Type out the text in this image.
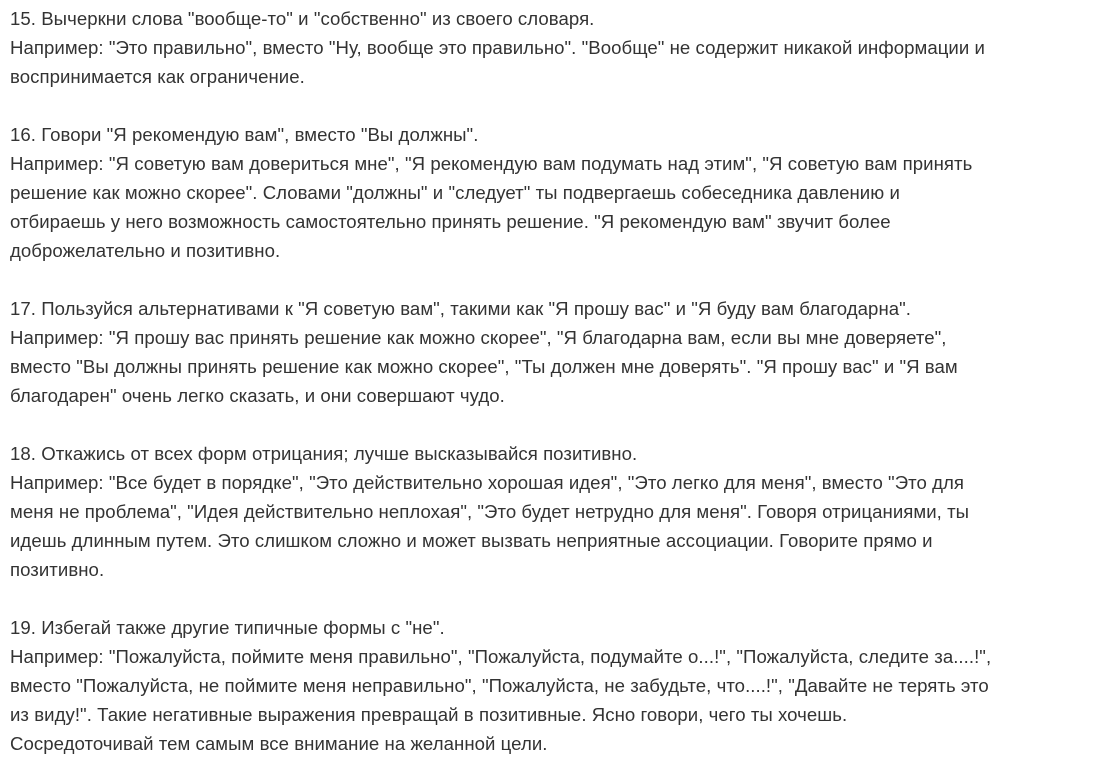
15. Вычеркни слова "вообще-то" и "собственно" из своего словаря.
Например: "Это правильно", вместо "Ну, вообще это правильно". "Вообще" не содержит никакой информации и
воспринимается как ограничение.
16. Говори "Я рекомендую вам", вместо "Вы должны".
Например: "Я советую вам довериться мне", "Я рекомендую вам подумать над этим", "Я советую вам принять
решение как можно скорее". Словами "должны" и "следует" ты подвергаешь собеседника давлению и
отбираешь у него возможность самостоятельно принять решение. "Я рекомендую вам" звучит более
доброжелательно и позитивно.
17. Пользуйся альтернативами к "Я советую вам", такими как "Я прошу вас" и "Я буду вам благодарна".
Например: "Я прошу вас принять решение как можно скорее", "Я благодарна вам, если вы мне доверяете",
вместо "Вы должны принять решение как можно скорее", "Ты должен мне доверять". "Я прошу вас" и "Я вам
благодарен" очень легко сказать, и они совершают чудо.
18. Откажись от всех форм отрицания; лучше высказывайся позитивно.
Например: "Все будет в порядке", "Это действительно хорошая идея", "Это легко для меня", вместо "Это для
меня не проблема", "Идея действительно неплохая", "Это будет нетрудно для меня". Говоря отрицаниями, ты
идешь длинным путем. Это слишком сложно и может вызвать неприятные ассоциации. Говорите прямо и
позитивно.
19. Избегай также другие типичные формы с "не".
Например: "Пожалуйста, поймите меня правильно", "Пожалуйста, подумайте о...!", "Пожалуйста, следите за....!",
вместо "Пожалуйста, не поймите меня неправильно", "Пожалуйста, не забудьте, что....!", "Давайте не терять это
из виду!". Такие негативные выражения превращай в позитивные. Ясно говори, чего ты хочешь.
Сосредоточивай тем самым все внимание на желанной цели.
